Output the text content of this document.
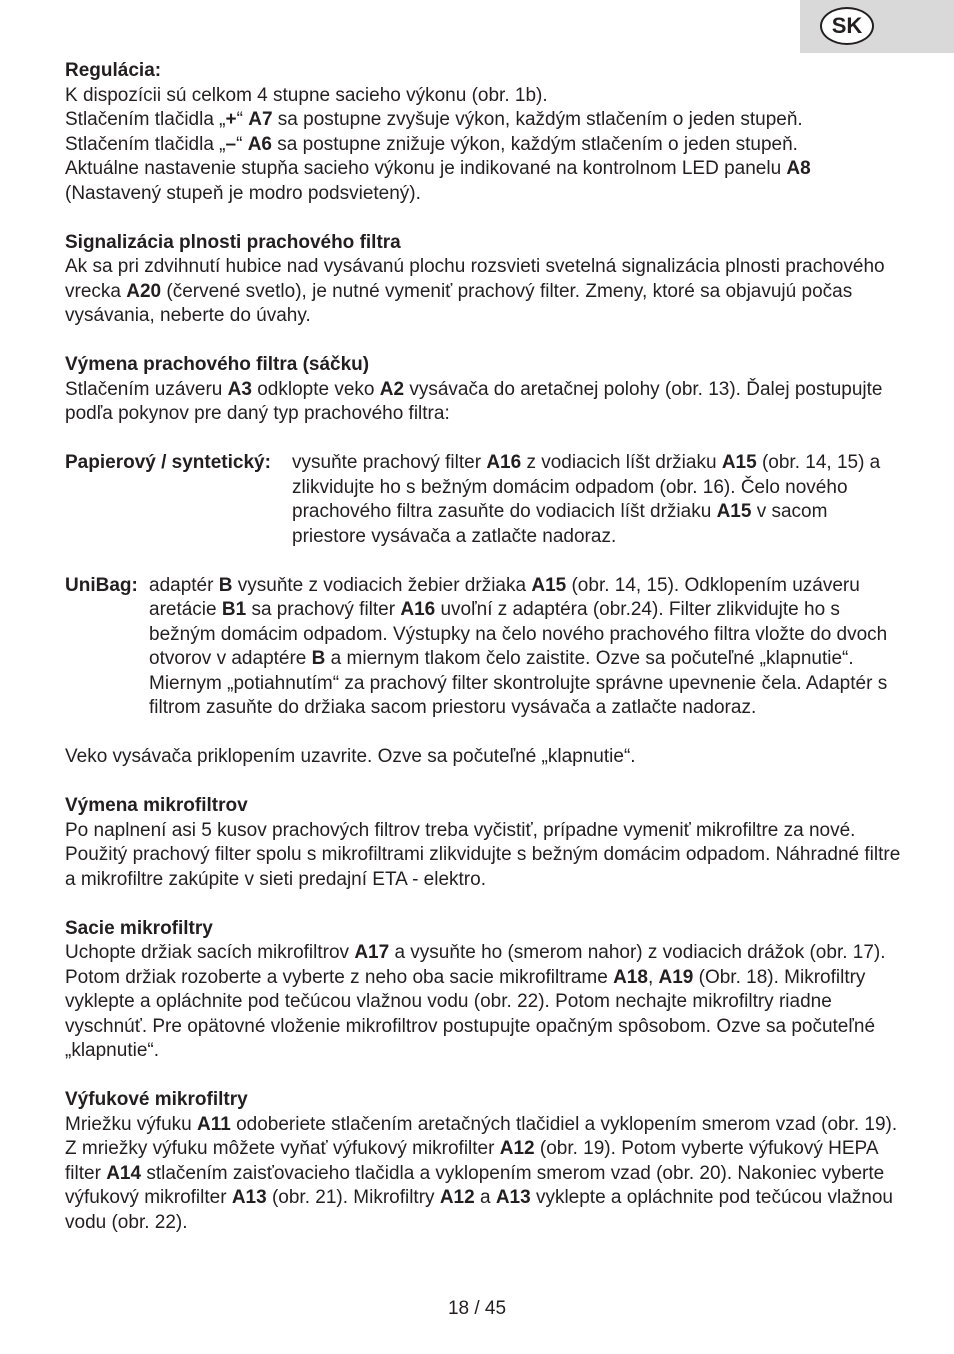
SK

Regulácia:

K dispozícii sú celkom 4 stupne sacieho výkonu (obr. 1b).

Stlačením tlačidla „+“ A7 sa postupne zvyšuje výkon, každým stlačením o jeden stupeň.

Stlačením tlačidla „–“ A6 sa postupne znižuje výkon, každým stlačením o jeden stupeň.

Aktuálne nastavenie stupňa sacieho výkonu je indikované na kontrolnom LED panelu A8

(Nastavený stupeň je modro podsvietený).

Signalizácia plnosti prachového filtra

Ak sa pri zdvihnutí hubice nad vysávanú plochu rozsvieti svetelná signalizácia plnosti prachového vrecka A20 (červené svetlo), je nutné vymeniť prachový filter. Zmeny, ktoré sa objavujú počas vysávania, neberte do úvahy.

Výmena prachového filtra (sáčku)

Stlačením uzáveru A3 odklopte veko A2 vysávača do aretačnej polohy (obr. 13). Ďalej postupujte podľa pokynov pre daný typ prachového filtra:

Papierový / syntetický:	vysuňte prachový filter A16 z vodiacich líšt držiaku A15 (obr. 14, 15) a zlikvidujte ho s bežným domácim odpadom (obr. 16). Čelo nového prachového filtra zasuňte do vodiacich líšt držiaku A15 v sacom priestore vysávača a zatlačte nadoraz.
UniBag: adaptér B vysuňte z vodiacich žebier držiaka A15 (obr. 14, 15). Odklopením uzáveru aretácie B1 sa prachový filter A16 uvoľní z adaptéra (obr.24). Filter zlikvidujte ho s bežným domácim odpadom. Výstupky na čelo nového prachového filtra vložte do dvoch otvorov v adaptére B a miernym tlakom čelo zaistite. Ozve sa počuteľné „klapnutie“. Miernym „potiahnutím“ za prachový filter skontrolujte správne upevnenie čela. Adaptér s filtrom zasuňte do držiaka sacom priestoru vysávača a zatlačte nadoraz.

Veko vysávača priklopením uzavrite. Ozve sa počuteľné „klapnutie“.

Výmena mikrofiltrov

Po naplnení asi 5 kusov prachových filtrov treba vyčistiť, prípadne vymeniť mikrofiltre za nové. Použitý prachový filter spolu s mikrofiltrami zlikvidujte s bežným domácim odpadom. Náhradné filtre a mikrofiltre zakúpite v sieti predajní ETA - elektro.

Sacie mikrofiltry

Uchopte držiak sacích mikrofiltrov A17 a vysuňte ho (smerom nahor) z vodiacich drážok (obr. 17). Potom držiak rozoberte a vyberte z neho oba sacie mikrofiltrame A18, A19 (Obr. 18). Mikrofiltry vyklepte a opláchnite pod tečúcou vlažnou vodu (obr. 22). Potom nechajte mikrofiltry riadne vyschnúť. Pre opätovné vloženie mikrofiltrov postupujte opačným spôsobom. Ozve sa počuteľné „klapnutie“.

Výfukové mikrofiltry

Mriežku výfuku A11 odoberiete stlačením aretačných tlačidiel a vyklopením smerom vzad (obr. 19). Z mriežky výfuku môžete vyňať výfukový mikrofilter A12 (obr. 19). Potom vyberte výfukový HEPA filter A14 stlačením zaisťovacieho tlačidla a vyklopením smerom vzad (obr. 20). Nakoniec vyberte výfukový mikrofilter A13 (obr. 21). Mikrofiltry A12 a A13 vyklepte a opláchnite pod tečúcou vlažnou vodu (obr. 22).

18 / 45
